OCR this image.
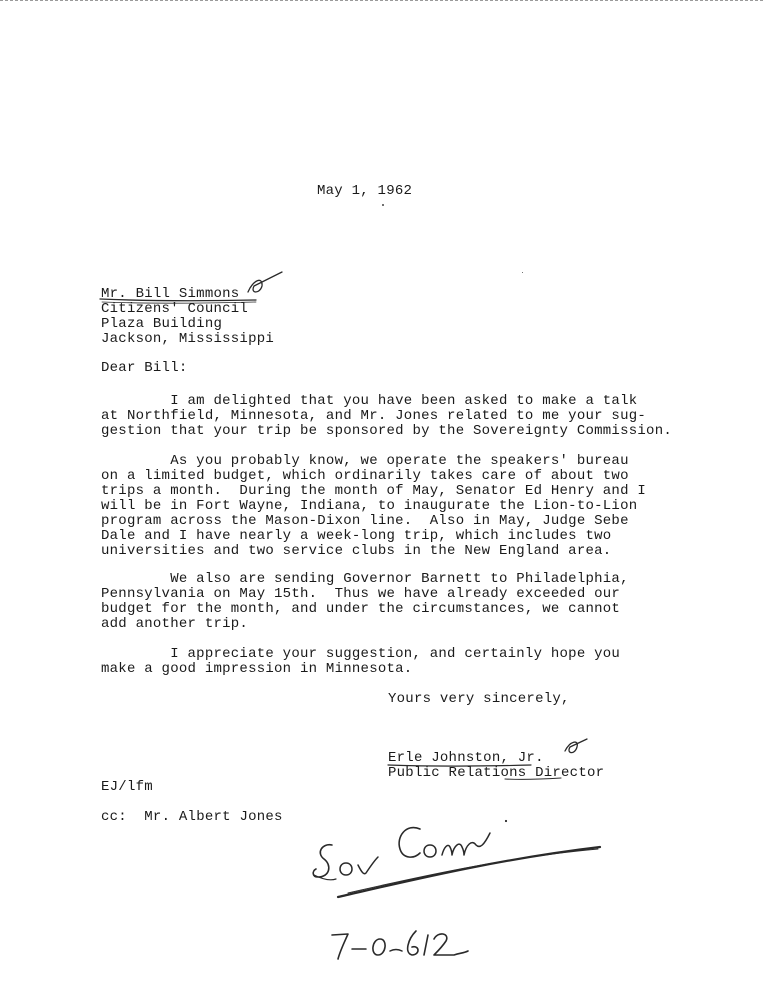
May 1, 1962
Mr. Bill Simmons
Citizens' Council
Plaza Building
Jackson, Mississippi
Dear Bill:
I am delighted that you have been asked to make a talk
at Northfield, Minnesota, and Mr. Jones related to me your sug-
gestion that your trip be sponsored by the Sovereignty Commission.
As you probably know, we operate the speakers' bureau
on a limited budget, which ordinarily takes care of about two
trips a month.  During the month of May, Senator Ed Henry and I
will be in Fort Wayne, Indiana, to inaugurate the Lion-to-Lion
program across the Mason-Dixon line.  Also in May, Judge Sebe
Dale and I have nearly a week-long trip, which includes two
universities and two service clubs in the New England area.
We also are sending Governor Barnett to Philadelphia,
Pennsylvania on May 15th.  Thus we have already exceeded our
budget for the month, and under the circumstances, we cannot
add another trip.
I appreciate your suggestion, and certainly hope you
make a good impression in Minnesota.
Yours very sincerely,
Erle Johnston, Jr.
Public Relations Director
EJ/lfm
cc: Mr. Albert Jones
